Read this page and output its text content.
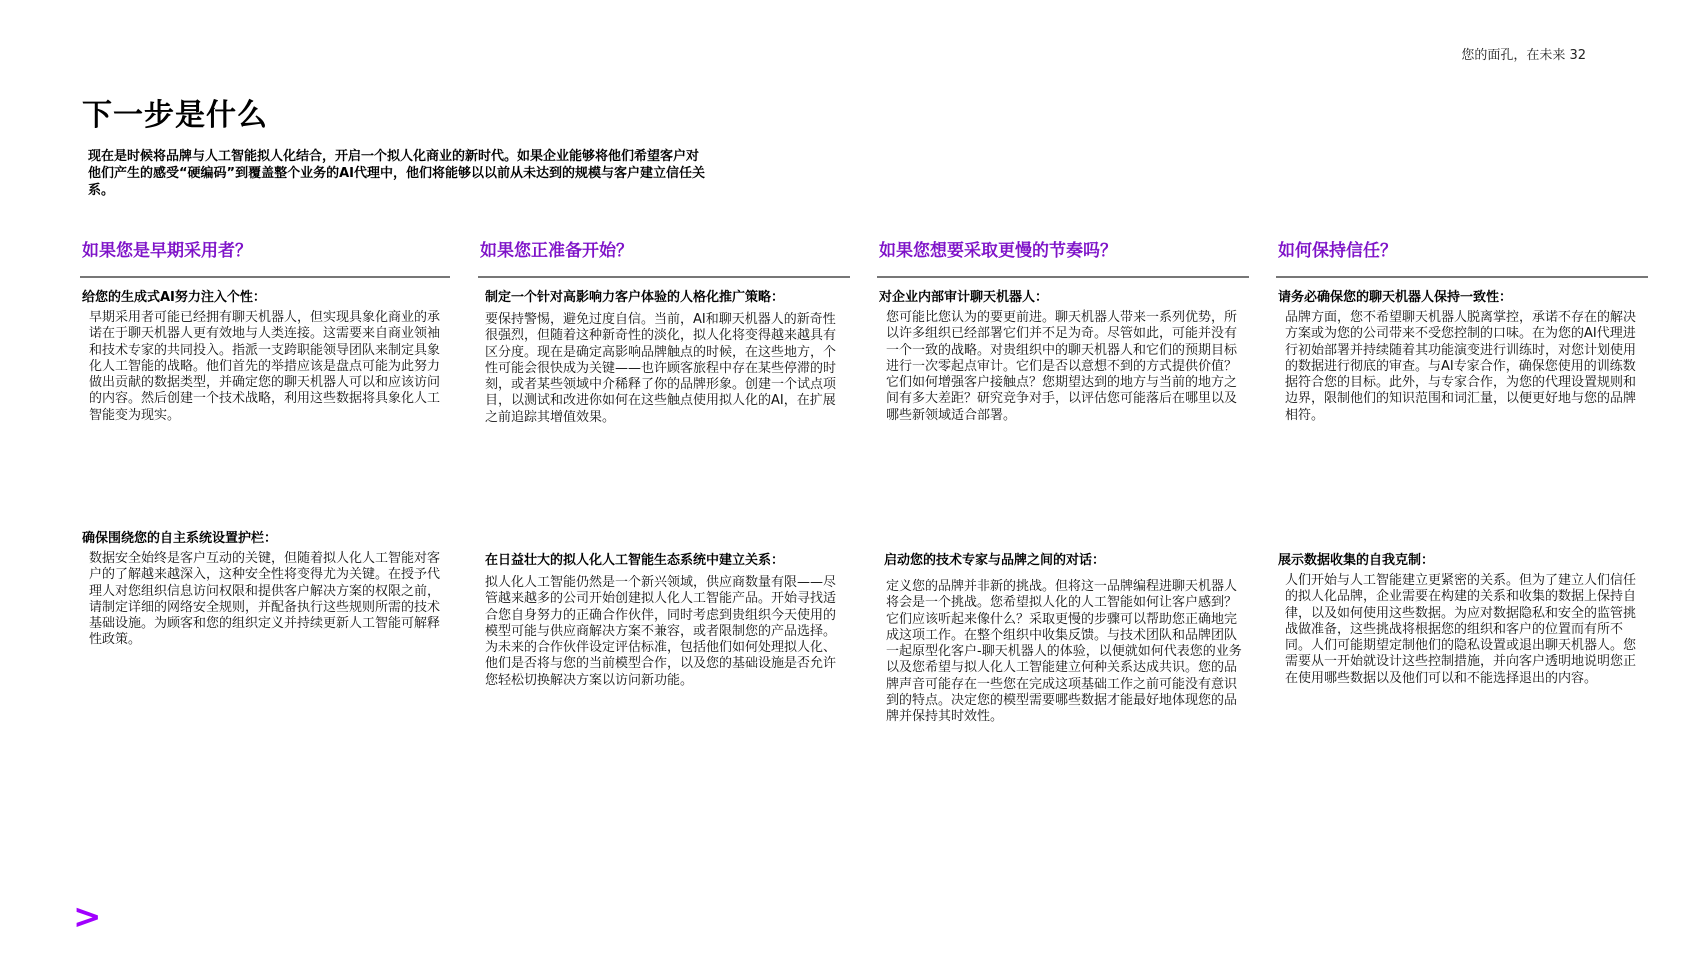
您的面孔，在未来 32
下一步是什么

现在是时候将品牌与人工智能拟人化结合，开启一个拟人化商业的新时代。如果企业能够将他们希望客户对他们产生的感受“硬编码”到覆盖整个业务的AI代理中，他们将能够以以前从未达到的规模与客户建立信任关系。

如果您是早期采用者？
给您的生成式AI努力注入个性：
早期采用者可能已经拥有聊天机器人，但实现具象化商业的承诺在于聊天机器人更有效地与人类连接。这需要来自商业领袖和技术专家的共同投入。指派一支跨职能领导团队来制定具象化人工智能的战略。他们首先的举措应该是盘点可能为此努力做出贡献的数据类型，并确定您的聊天机器人可以和应该访问的内容。然后创建一个技术战略，利用这些数据将具象化人工智能变为现实。
确保围绕您的自主系统设置护栏：
数据安全始终是客户互动的关键，但随着拟人化人工智能对客户的了解越来越深入，这种安全性将变得尤为关键。在授予代理人对您组织信息访问权限和提供客户解决方案的权限之前，请制定详细的网络安全规则，并配备执行这些规则所需的技术基础设施。为顾客和您的组织定义并持续更新人工智能可解释性政策。
如果您正准备开始？
制定一个针对高影响力客户体验的人格化推广策略：
要保持警惕，避免过度自信。当前，AI和聊天机器人的新奇性很强烈，但随着这种新奇性的淡化，拟人化将变得越来越具有区分度。现在是确定高影响品牌触点的时候，在这些地方，个性可能会很快成为关键——也许顾客旅程中存在某些停滞的时刻，或者某些领域中介稀释了你的品牌形象。创建一个试点项目，以测试和改进你如何在这些触点使用拟人化的AI，在扩展之前追踪其增值效果。
在日益壮大的拟人化人工智能生态系统中建立关系：
拟人化人工智能仍然是一个新兴领域，供应商数量有限——尽管越来越多的公司开始创建拟人化人工智能产品。开始寻找适合您自身努力的正确合作伙伴，同时考虑到贵组织今天使用的模型可能与供应商解决方案不兼容，或者限制您的产品选择。为未来的合作伙伴设定评估标准，包括他们如何处理拟人化、他们是否将与您的当前模型合作，以及您的基础设施是否允许您轻松切换解决方案以访问新功能。
如果您想要采取更慢的节奏吗？
对企业内部审计聊天机器人：
您可能比您认为的要更前进。聊天机器人带来一系列优势，所以许多组织已经部署它们并不足为奇。尽管如此，可能并没有一个一致的战略。对贵组织中的聊天机器人和它们的预期目标进行一次零起点审计。它们是否以意想不到的方式提供价值？它们如何增强客户接触点？您期望达到的地方与当前的地方之间有多大差距？研究竞争对手，以评估您可能落后在哪里以及哪些新领域适合部署。
启动您的技术专家与品牌之间的对话：
定义您的品牌并非新的挑战。但将这一品牌编程进聊天机器人将会是一个挑战。您希望拟人化的人工智能如何让客户感到？它们应该听起来像什么？采取更慢的步骤可以帮助您正确地完成这项工作。在整个组织中收集反馈。与技术团队和品牌团队一起原型化客户-聊天机器人的体验，以便就如何代表您的业务以及您希望与拟人化人工智能建立何种关系达成共识。您的品牌声音可能存在一些您在完成这项基础工作之前可能没有意识到的特点。决定您的模型需要哪些数据才能最好地体现您的品牌并保持其时效性。
如何保持信任？
请务必确保您的聊天机器人保持一致性：
品牌方面，您不希望聊天机器人脱离掌控，承诺不存在的解决方案或为您的公司带来不受您控制的口味。在为您的AI代理进行初始部署并持续随着其功能演变进行训练时，对您计划使用的数据进行彻底的审查。与AI专家合作，确保您使用的训练数据符合您的目标。此外，与专家合作，为您的代理设置规则和边界，限制他们的知识范围和词汇量，以便更好地与您的品牌相符。
展示数据收集的自我克制：
人们开始与人工智能建立更紧密的关系。但为了建立人们信任的拟人化品牌，企业需要在构建的关系和收集的数据上保持自律，以及如何使用这些数据。为应对数据隐私和安全的监管挑战做准备，这些挑战将根据您的组织和客户的位置而有所不同。人们可能期望定制他们的隐私设置或退出聊天机器人。您需要从一开始就设计这些控制措施，并向客户透明地说明您正在使用哪些数据以及他们可以和不能选择退出的内容。
>
